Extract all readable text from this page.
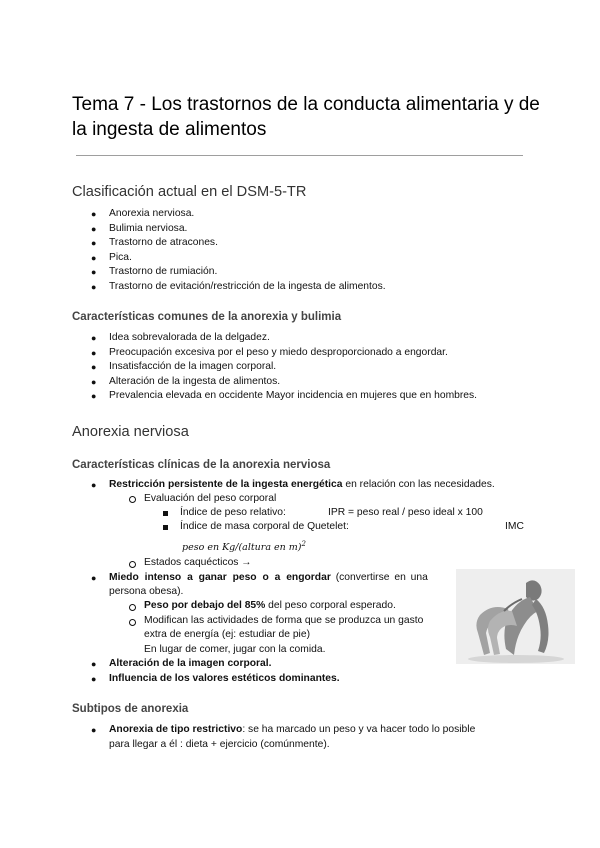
Tema 7 - Los trastornos de la conducta alimentaria y de
la ingesta de alimentos
Clasificación actual en el DSM-5-TR
● Anorexia nerviosa.
● Bulimia nerviosa.
● Trastorno de atracones.
● Pica.
● Trastorno de rumiación.
● Trastorno de evitación/restricción de la ingesta de alimentos.
Características comunes de la anorexia y bulimia
● Idea sobrevalorada de la delgadez.
● Preocupación excesiva por el peso y miedo desproporcionado a engordar.
● Insatisfacción de la imagen corporal.
● Alteración de la ingesta de alimentos.
● Prevalencia elevada en occidente Mayor incidencia en mujeres que en hombres.
Anorexia nerviosa
Características clínicas de la anorexia nerviosa
● Restricción persistente de la ingesta energética en relación con las necesidades.
Evaluación del peso corporal
Índice de peso relativo:	IPR = peso real / peso ideal x 100
Índice de masa corporal de Quetelet:	IMC
peso en Kg/(altura en m)$^2$
Estados caquécticos →
● Miedo intenso a ganar peso o a engordar (convertirse en una
persona obesa).
Peso por debajo del 85% del peso corporal esperado.
Modifican las actividades de forma que se produzca un gasto
extra de energía (ej: estudiar de pie)
En lugar de comer, jugar con la comida.
● Alteración de la imagen corporal.
● Influencia de los valores estéticos dominantes.
Subtipos de anorexia
● Anorexia de tipo restrictivo: se ha marcado un peso y va hacer todo lo posible
para llegar a él : dieta + ejercicio (comúnmente).
